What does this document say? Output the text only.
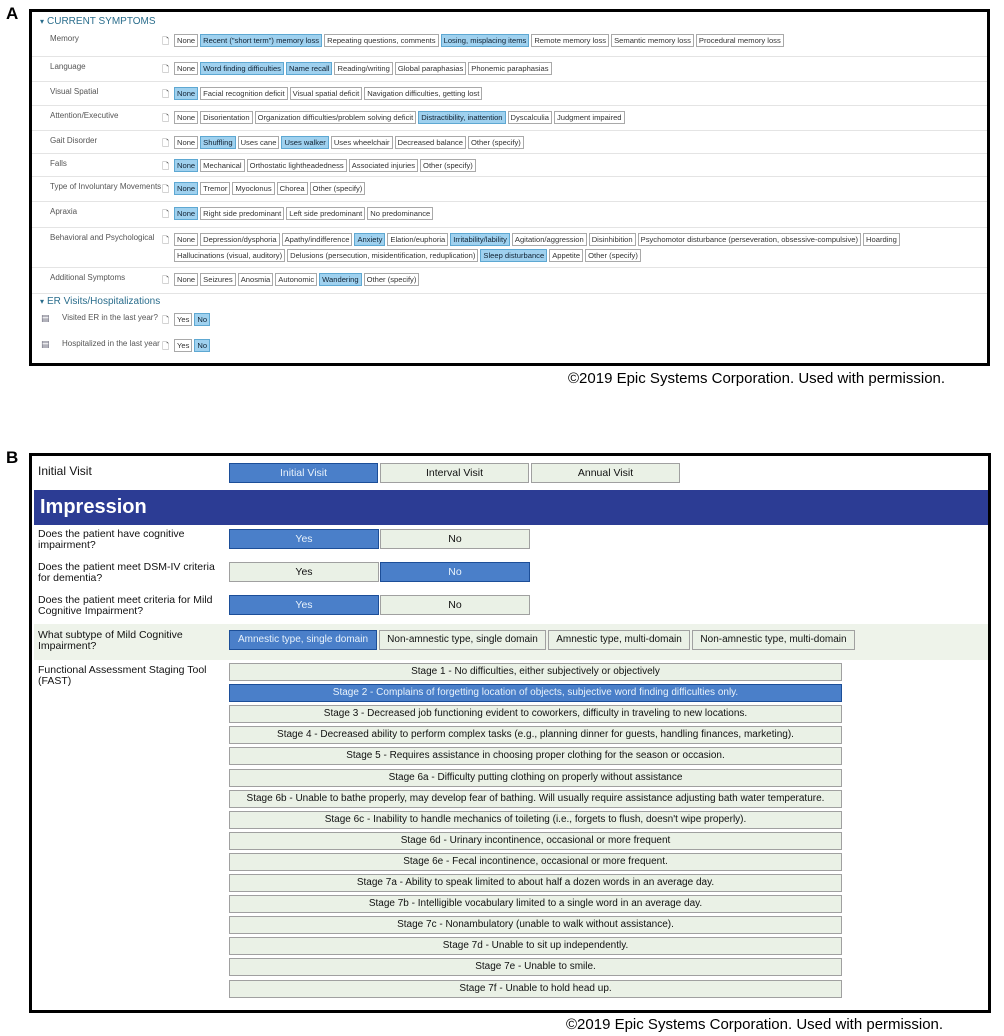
A	▾ CURRENT SYMPTOMS
Memory	🗋	None	Recent ("short term") memory loss	Repeating questions, comments	Losing, misplacing items	Remote memory loss	Semantic memory loss	Procedural memory loss
Language	🗋	None	Word finding difficulties	Name recall	Reading/writing	Global paraphasias	Phonemic paraphasias
Visual Spatial	🗋	None	Facial recognition deficit	Visual spatial deficit	Navigation difficulties, getting lost
Attention/Executive	🗋	None	Disorientation	Organization difficulties/problem solving deficit	Distractibility, inattention	Dyscalculia	Judgment impaired
Gait Disorder	🗋	None	Shuffling	Uses cane	Uses walker	Uses wheelchair	Decreased balance	Other (specify)
Falls	🗋	None	Mechanical	Orthostatic lightheadedness	Associated injuries	Other (specify)
Type of Involuntary Movements 🗋	None	Tremor	Myoclonus	Chorea	Other (specify)
Apraxia	🗋	None	Right side predominant	Left side predominant	No predominance
Behavioral and Psychological 🗋	None	Depression/dysphoria	Apathy/indifference	Anxiety	Elation/euphoria	Irritability/lability	Agitation/aggression	Disinhibition	Psychomotor disturbance (perseveration, obsessive-compulsive)	Hoarding
Hallucinations (visual, auditory)	Delusions (persecution, misidentification, reduplication)	Sleep disturbance	Appetite	Other (specify)
Additional Symptoms	🗋	None	Seizures	Anosmia	Autonomic	Wandering	Other (specify)
▾ ER Visits/Hospitalizations
▤	Visited ER in the last year? 🗋	Yes	No
▤	Hospitalized in the last year 🗋	Yes	No
©2019 Epic Systems Corporation. Used with permission.
B
Initial Visit	Initial Visit	Interval Visit	Annual Visit
Impression
Does the patient have cognitive impairment?	Yes	No
Does the patient meet DSM-IV criteria for dementia?	Yes	No
Does the patient meet criteria for Mild Cognitive Impairment?	Yes	No
What subtype of Mild Cognitive Impairment?
Amnestic type, single domain	Non-amnestic type, single domain	Amnestic type, multi-domain	Non-amnestic type, multi-domain
Functional Assessment Staging Tool (FAST)
Stage 1 - No difficulties, either subjectively or objectively
Stage 2 - Complains of forgetting location of objects, subjective word finding difficulties only.
Stage 3 - Decreased job functioning evident to coworkers, difficulty in traveling to new locations.
Stage 4 - Decreased ability to perform complex tasks (e.g., planning dinner for guests, handling finances, marketing).
Stage 5 - Requires assistance in choosing proper clothing for the season or occasion.
Stage 6a - Difficulty putting clothing on properly without assistance
Stage 6b - Unable to bathe properly, may develop fear of bathing. Will usually require assistance adjusting bath water temperature.
Stage 6c - Inability to handle mechanics of toileting (i.e., forgets to flush, doesn't wipe properly).
Stage 6d - Urinary incontinence, occasional or more frequent
Stage 6e - Fecal incontinence, occasional or more frequent.
Stage 7a - Ability to speak limited to about half a dozen words in an average day.
Stage 7b - Intelligible vocabulary limited to a single word in an average day.
Stage 7c - Nonambulatory (unable to walk without assistance).
Stage 7d - Unable to sit up independently.
Stage 7e - Unable to smile.
Stage 7f - Unable to hold head up.
©2019 Epic Systems Corporation. Used with permission.
